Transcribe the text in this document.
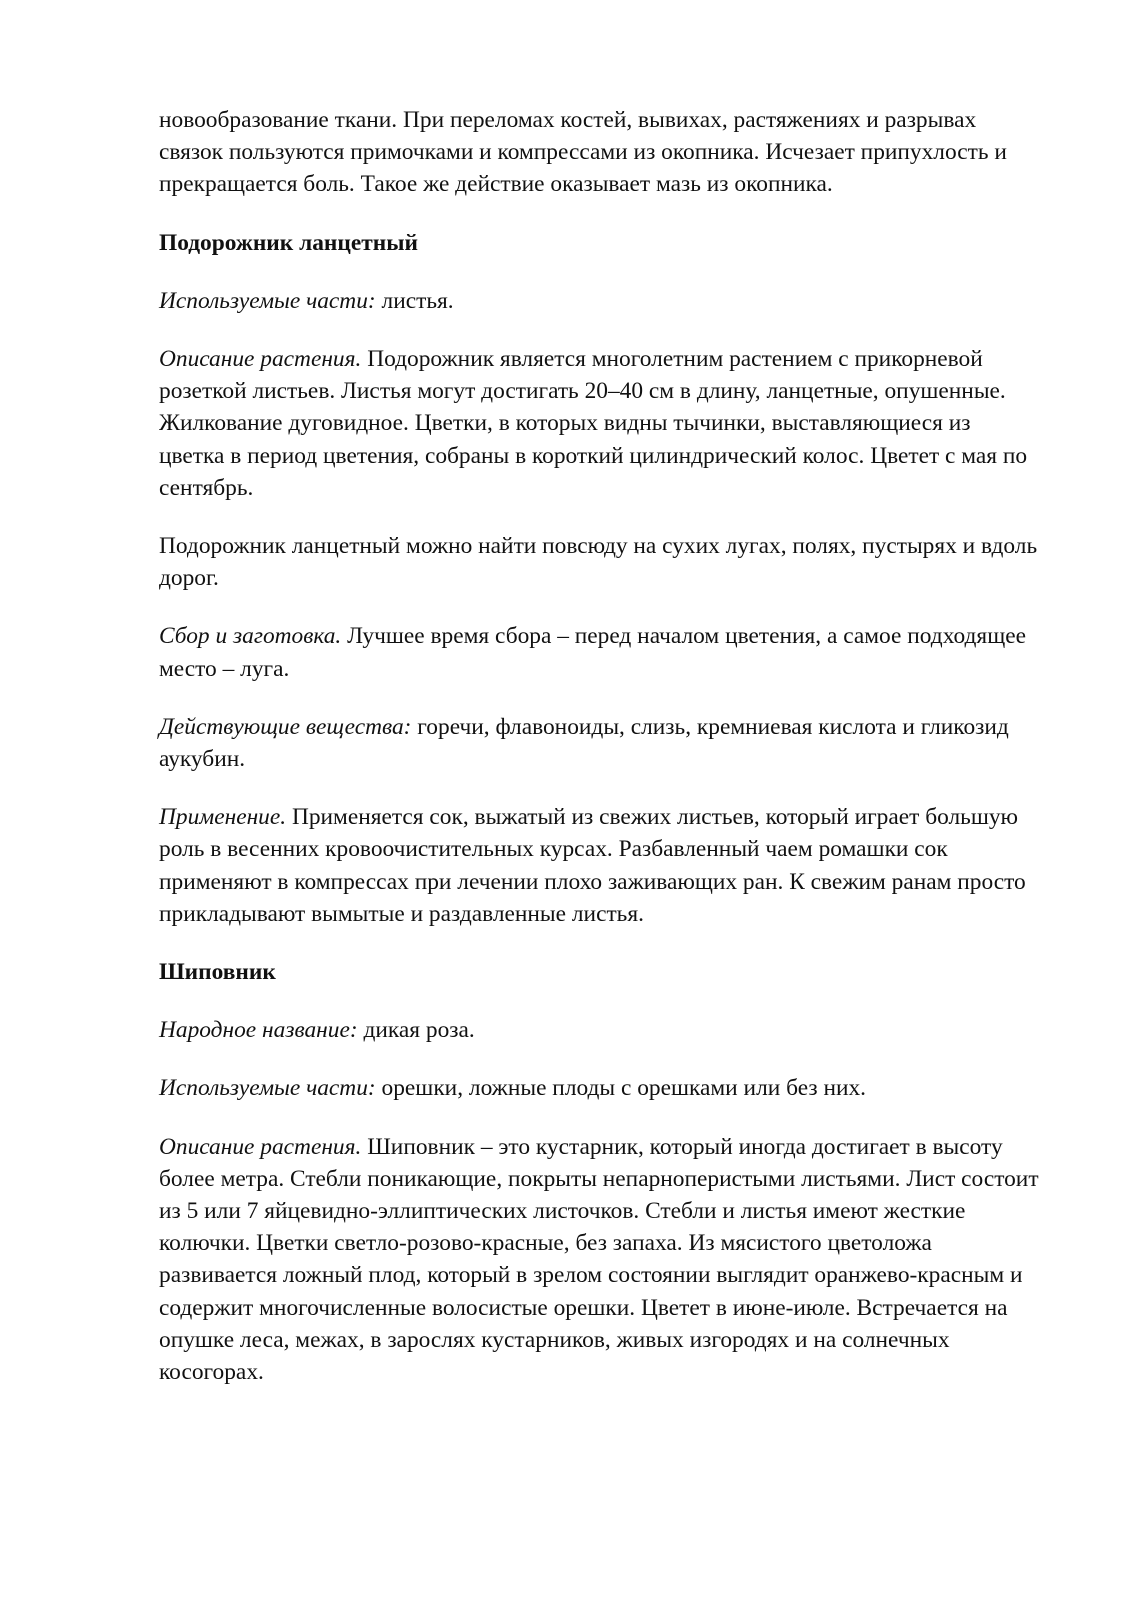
новообразование ткани. При переломах костей, вывихах, растяжениях и разрывах связок пользуются примочками и компрессами из окопника. Исчезает припухлость и прекращается боль. Такое же действие оказывает мазь из окопника.

Подорожник ланцетный

Используемые части: листья.

Описание растения. Подорожник является многолетним растением с прикорневой розеткой листьев. Листья могут достигать 20–40 см в длину, ланцетные, опушенные. Жилкование дуговидное. Цветки, в которых видны тычинки, выставляющиеся из цветка в период цветения, собраны в короткий цилиндрический колос. Цветет с мая по сентябрь.

Подорожник ланцетный можно найти повсюду на сухих лугах, полях, пустырях и вдоль дорог.

Сбор и заготовка. Лучшее время сбора – перед началом цветения, а самое подходящее место – луга.

Действующие вещества: горечи, флавоноиды, слизь, кремниевая кислота и гликозид аукубин.

Применение. Применяется сок, выжатый из свежих листьев, который играет большую роль в весенних кровоочистительных курсах. Разбавленный чаем ромашки сок применяют в компрессах при лечении плохо заживающих ран. К свежим ранам просто прикладывают вымытые и раздавленные листья.

Шиповник

Народное название: дикая роза.

Используемые части: орешки, ложные плоды с орешками или без них.

Описание растения. Шиповник – это кустарник, который иногда достигает в высоту более метра. Стебли поникающие, покрыты непарноперистыми листьями. Лист состоит из 5 или 7 яйцевидно-эллиптических листочков. Стебли и листья имеют жесткие колючки. Цветки светло-розово-красные, без запаха. Из мясистого цветоложа развивается ложный плод, который в зрелом состоянии выглядит оранжево-красным и содержит многочисленные волосистые орешки. Цветет в июне-июле. Встречается на опушке леса, межах, в зарослях кустарников, живых изгородях и на солнечных косогорах.
